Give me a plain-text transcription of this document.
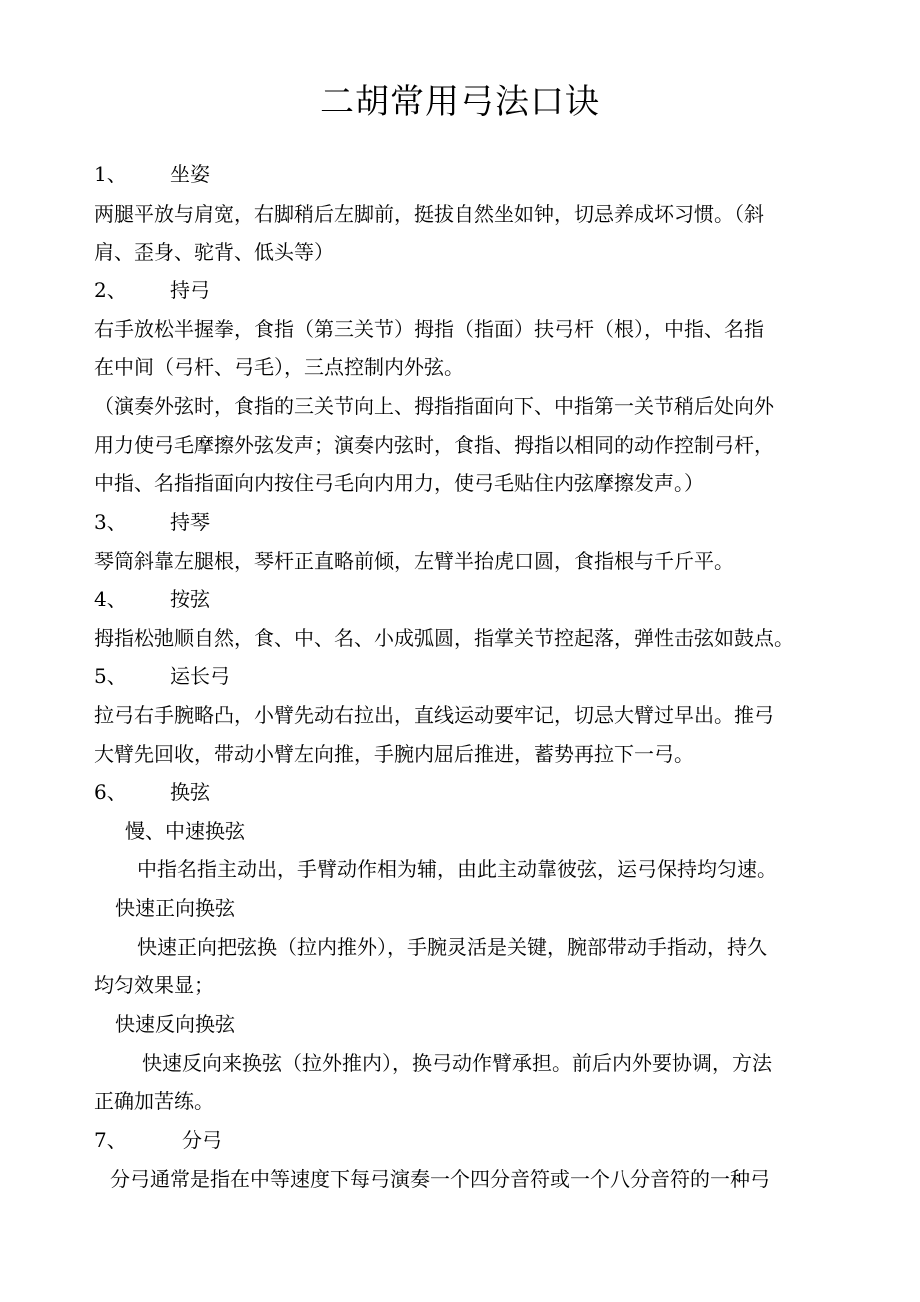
二胡常用弓法口诀
1、 坐姿
两腿平放与肩宽，右脚稍后左脚前，挺拔自然坐如钟，切忌养成坏习惯。（斜
肩、歪身、驼背、低头等）
2、 持弓
右手放松半握拳，食指（第三关节）拇指（指面）扶弓杆（根），中指、名指
在中间（弓杆、弓毛），三点控制内外弦。
（演奏外弦时，食指的三关节向上、拇指指面向下、中指第一关节稍后处向外
用力使弓毛摩擦外弦发声；演奏内弦时，食指、拇指以相同的动作控制弓杆，
中指、名指指面向内按住弓毛向内用力，使弓毛贴住内弦摩擦发声。）
3、 持琴
琴筒斜靠左腿根，琴杆正直略前倾，左臂半抬虎口圆，食指根与千斤平。
4、 按弦
拇指松弛顺自然，食、中、名、小成弧圆，指掌关节控起落，弹性击弦如鼓点。
5、 运长弓
拉弓右手腕略凸，小臂先动右拉出，直线运动要牢记，切忌大臂过早出。推弓
大臂先回收，带动小臂左向推，手腕内屈后推进，蓄势再拉下一弓。
6、 换弦
慢、中速换弦
中指名指主动出，手臂动作相为辅，由此主动靠彼弦，运弓保持均匀速。
快速正向换弦
快速正向把弦换（拉内推外），手腕灵活是关键，腕部带动手指动，持久
均匀效果显；
快速反向换弦
快速反向来换弦（拉外推内），换弓动作臂承担。前后内外要协调，方法
正确加苦练。
7、	分弓
分弓通常是指在中等速度下每弓演奏一个四分音符或一个八分音符的一种弓
